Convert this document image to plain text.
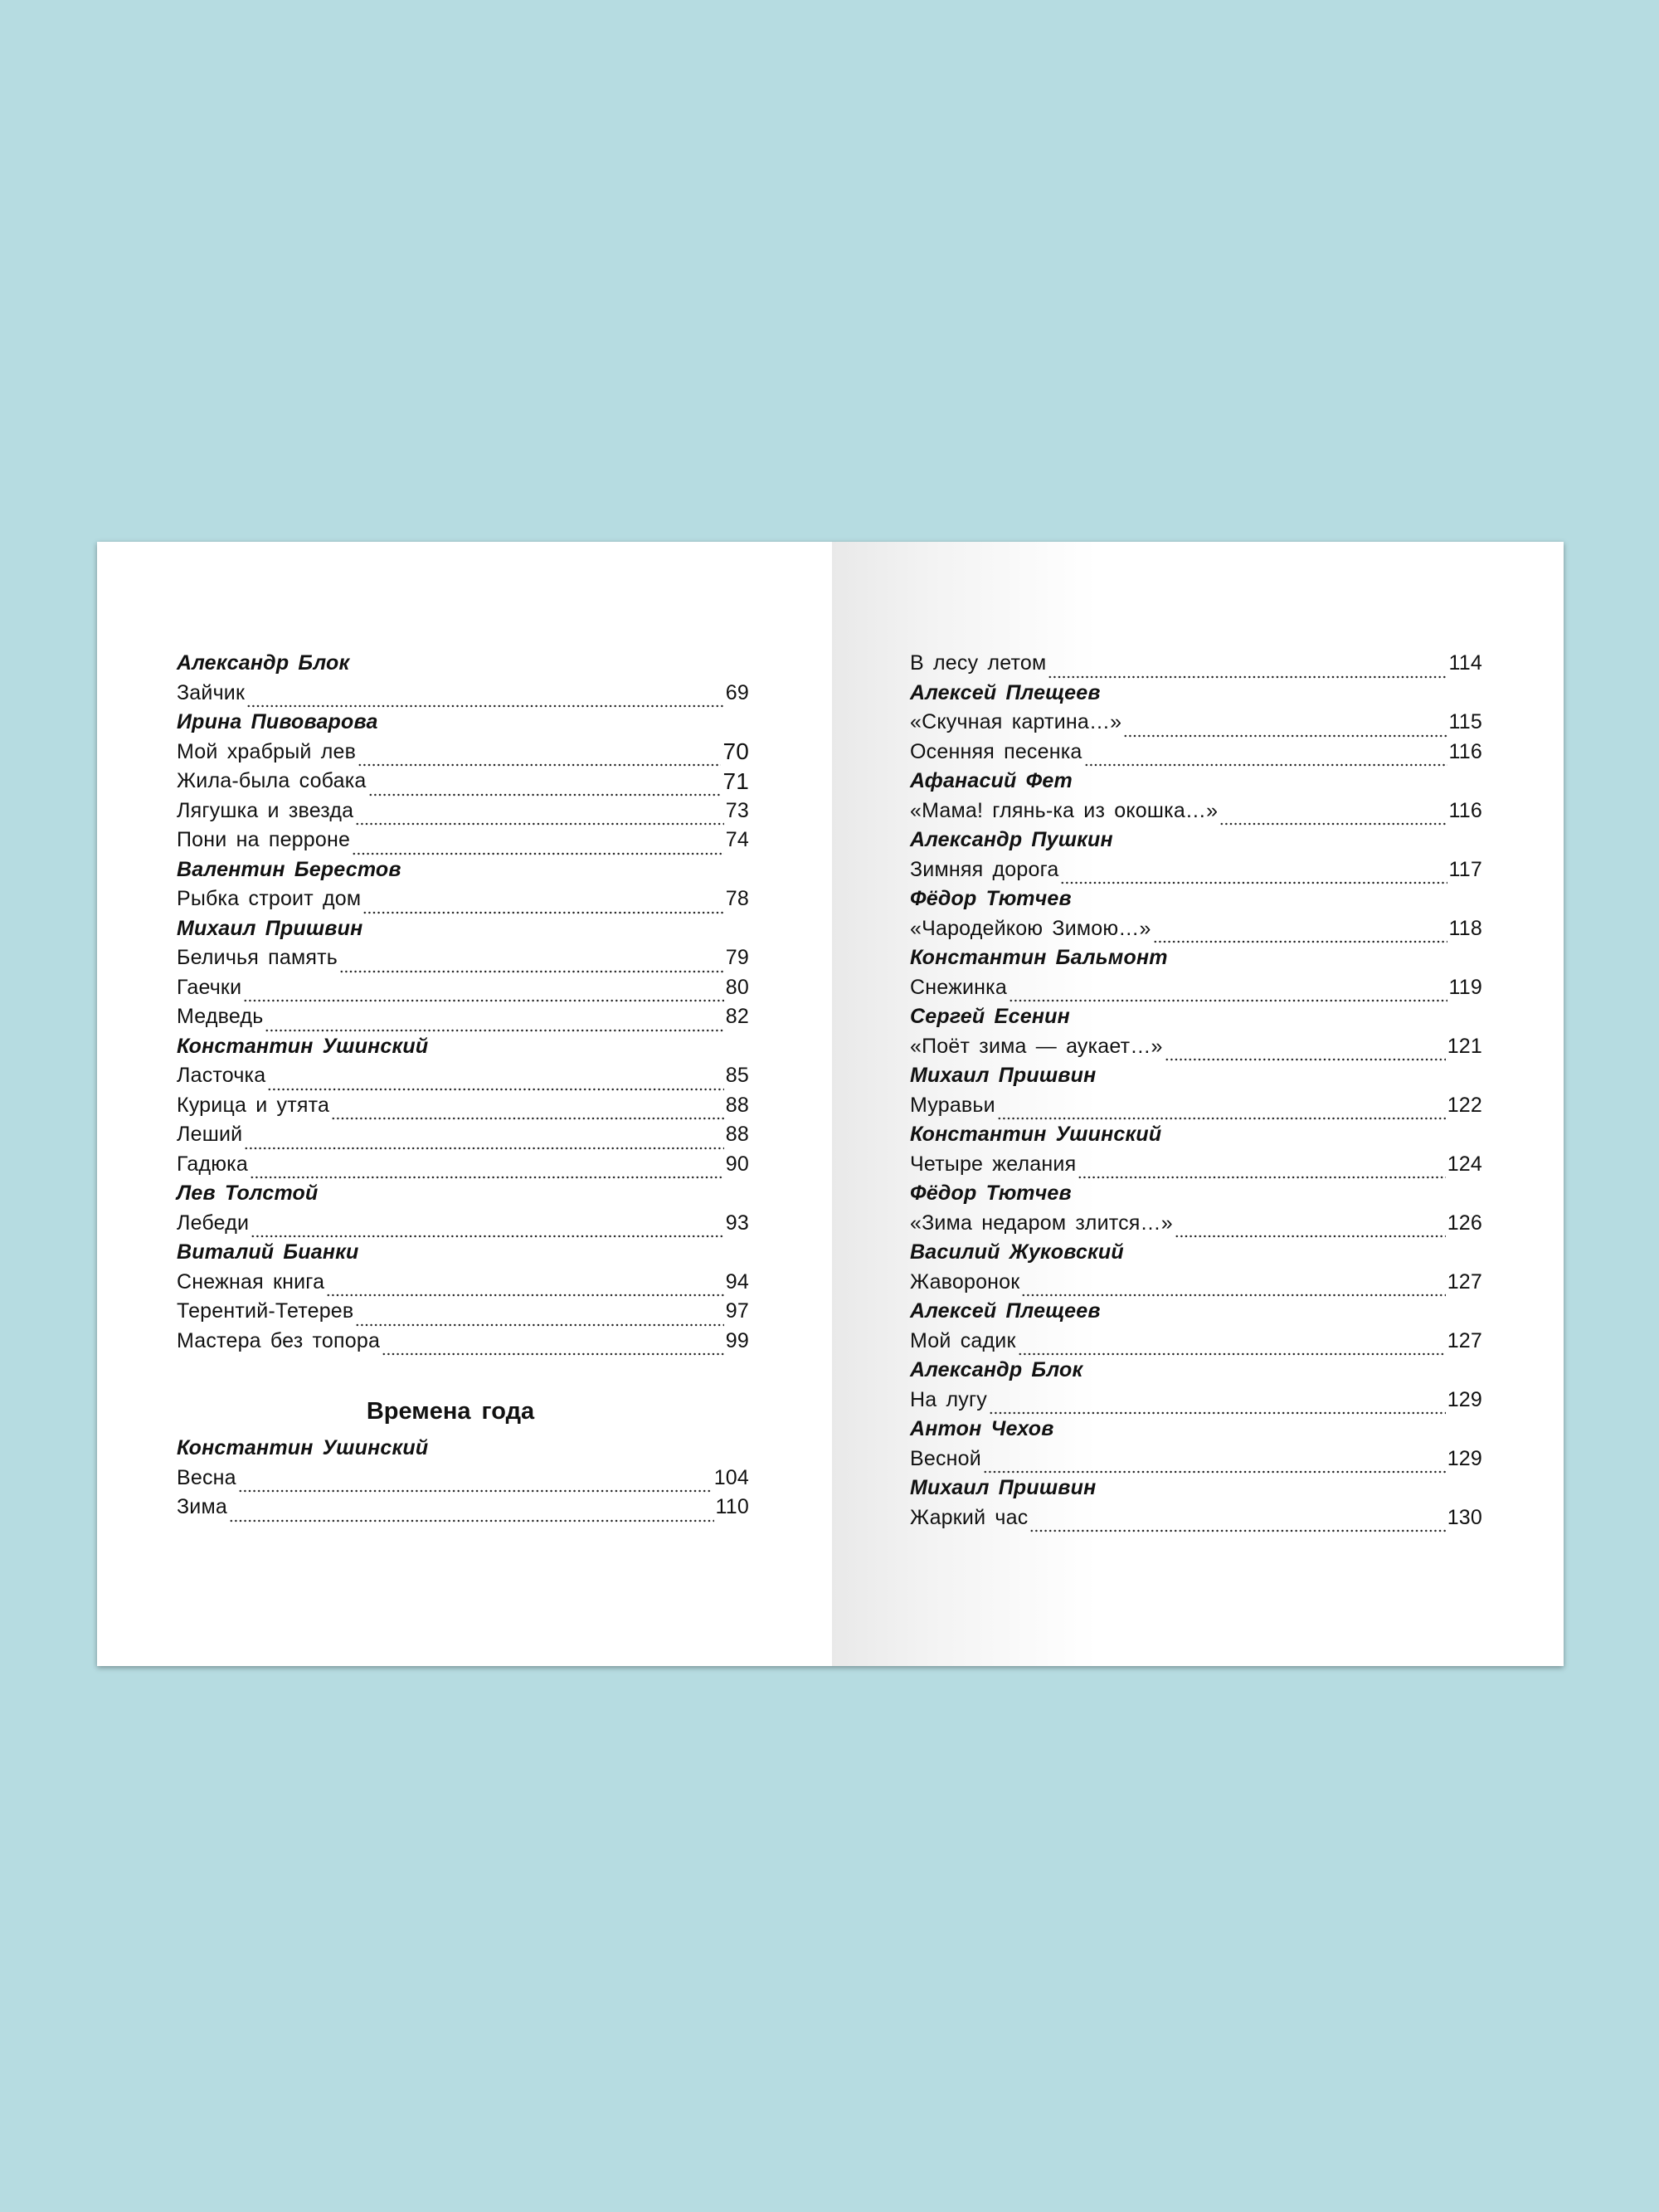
Александр Блок
Зайчик	69
Ирина Пивоварова
Мой храбрый лев	70
Жила-была собака	71
Лягушка и звезда	73
Пони на перроне	74
Валентин Берестов
Рыбка строит дом	78
Михаил Пришвин
Беличья память	79
Гаечки	80
Медведь	82
Константин Ушинский
Ласточка	85
Курица и утята	88
Леший	88
Гадюка	90
Лев Толстой
Лебеди	93
Виталий Бианки
Снежная книга	94
Терентий-Тетерев	97
Мастера без топора	99
Времена года
Константин Ушинский
Весна	104
Зима	110
В лесу летом	114
Алексей Плещеев
«Скучная картина…»	115
Осенняя песенка	116
Афанасий Фет
«Мама! глянь-ка из окошка…»	116
Александр Пушкин
Зимняя дорога	117
Фёдор Тютчев
«Чародейкою Зимою…»	118
Константин Бальмонт
Снежинка	119
Сергей Есенин
«Поёт зима — аукает…»	121
Михаил Пришвин
Муравьи	122
Константин Ушинский
Четыре желания	124
Фёдор Тютчев
«Зима недаром злится…»	126
Василий Жуковский
Жаворонок	127
Алексей Плещеев
Мой садик	127
Александр Блок
На лугу	129
Антон Чехов
Весной	129
Михаил Пришвин
Жаркий час	130
